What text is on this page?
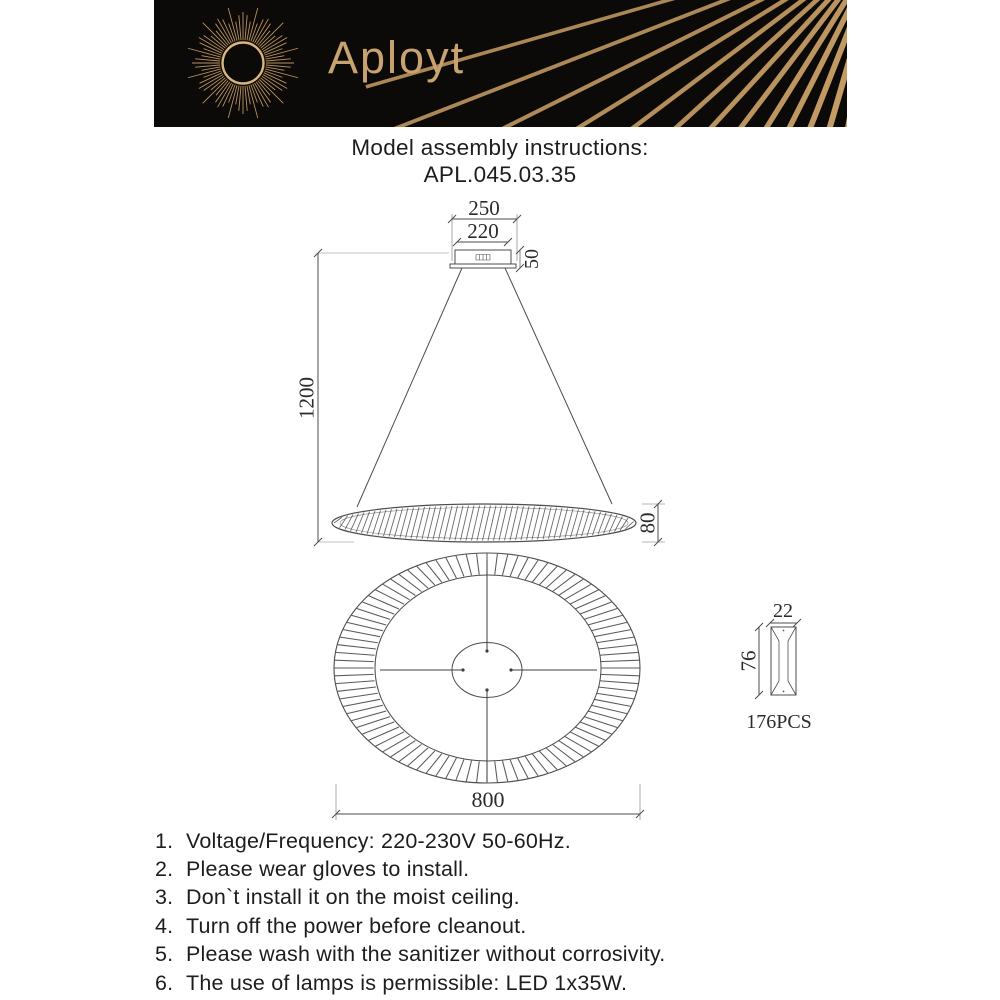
Aployt
Model assembly instructions:
APL.045.03.35
250
220
50
1200
80
800
22
76
176PCS
1. Voltage/Frequency: 220-230V 50-60Hz.
2. Please wear gloves to install.
3. Don`t install it on the moist ceiling.
4. Turn off the power before cleanout.
5. Please wash with the sanitizer without corrosivity.
6. The use of lamps is permissible: LED 1x35W.
